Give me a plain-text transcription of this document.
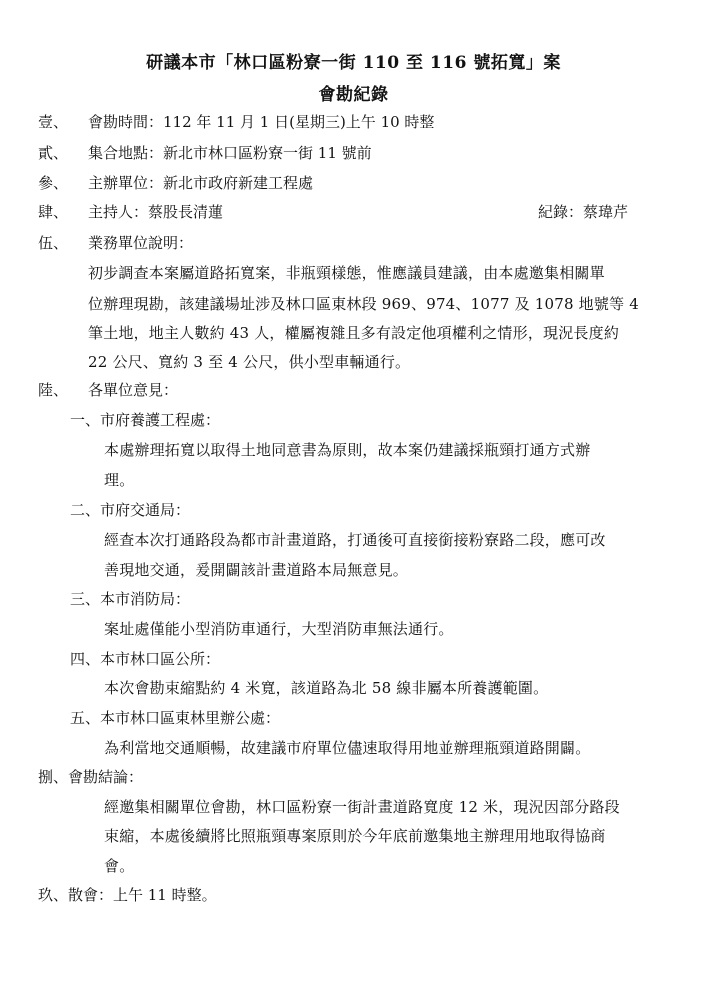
研議本市「林口區粉寮一街 110 至 116 號拓寬」案
會勘紀錄
壹、 會勘時間：112 年 11 月 1 日(星期三)上午 10 時整
貳、 集合地點：新北市林口區粉寮一街 11 號前
參、 主辦單位：新北市政府新建工程處
肆、 主持人：蔡股長清蓮	紀錄：蔡瑋芹
伍、 業務單位說明：
初步調查本案屬道路拓寬案，非瓶頸樣態，惟應議員建議，由本處邀集相關單
位辦理現勘，該建議場址涉及林口區東林段 969、974、1077 及 1078 地號等 4
筆土地，地主人數約 43 人，權屬複雜且多有設定他項權利之情形，現況長度約
22 公尺、寬約 3 至 4 公尺，供小型車輛通行。
陸、 各單位意見：
一、市府養護工程處：
本處辦理拓寬以取得土地同意書為原則，故本案仍建議採瓶頸打通方式辦
理。
二、市府交通局：
經查本次打通路段為都市計畫道路，打通後可直接銜接粉寮路二段，應可改
善現地交通，爰開闢該計畫道路本局無意見。
三、本市消防局：
案址處僅能小型消防車通行，大型消防車無法通行。
四、本市林口區公所：
本次會勘束縮點約 4 米寬，該道路為北 58 線非屬本所養護範圍。
五、本市林口區東林里辦公處：
為利當地交通順暢，故建議市府單位儘速取得用地並辦理瓶頸道路開闢。
捌、會勘結論：
經邀集相關單位會勘，林口區粉寮一街計畫道路寬度 12 米，現況因部分路段
束縮，本處後續將比照瓶頸專案原則於今年底前邀集地主辦理用地取得協商
會。
玖、散會：上午 11 時整。
